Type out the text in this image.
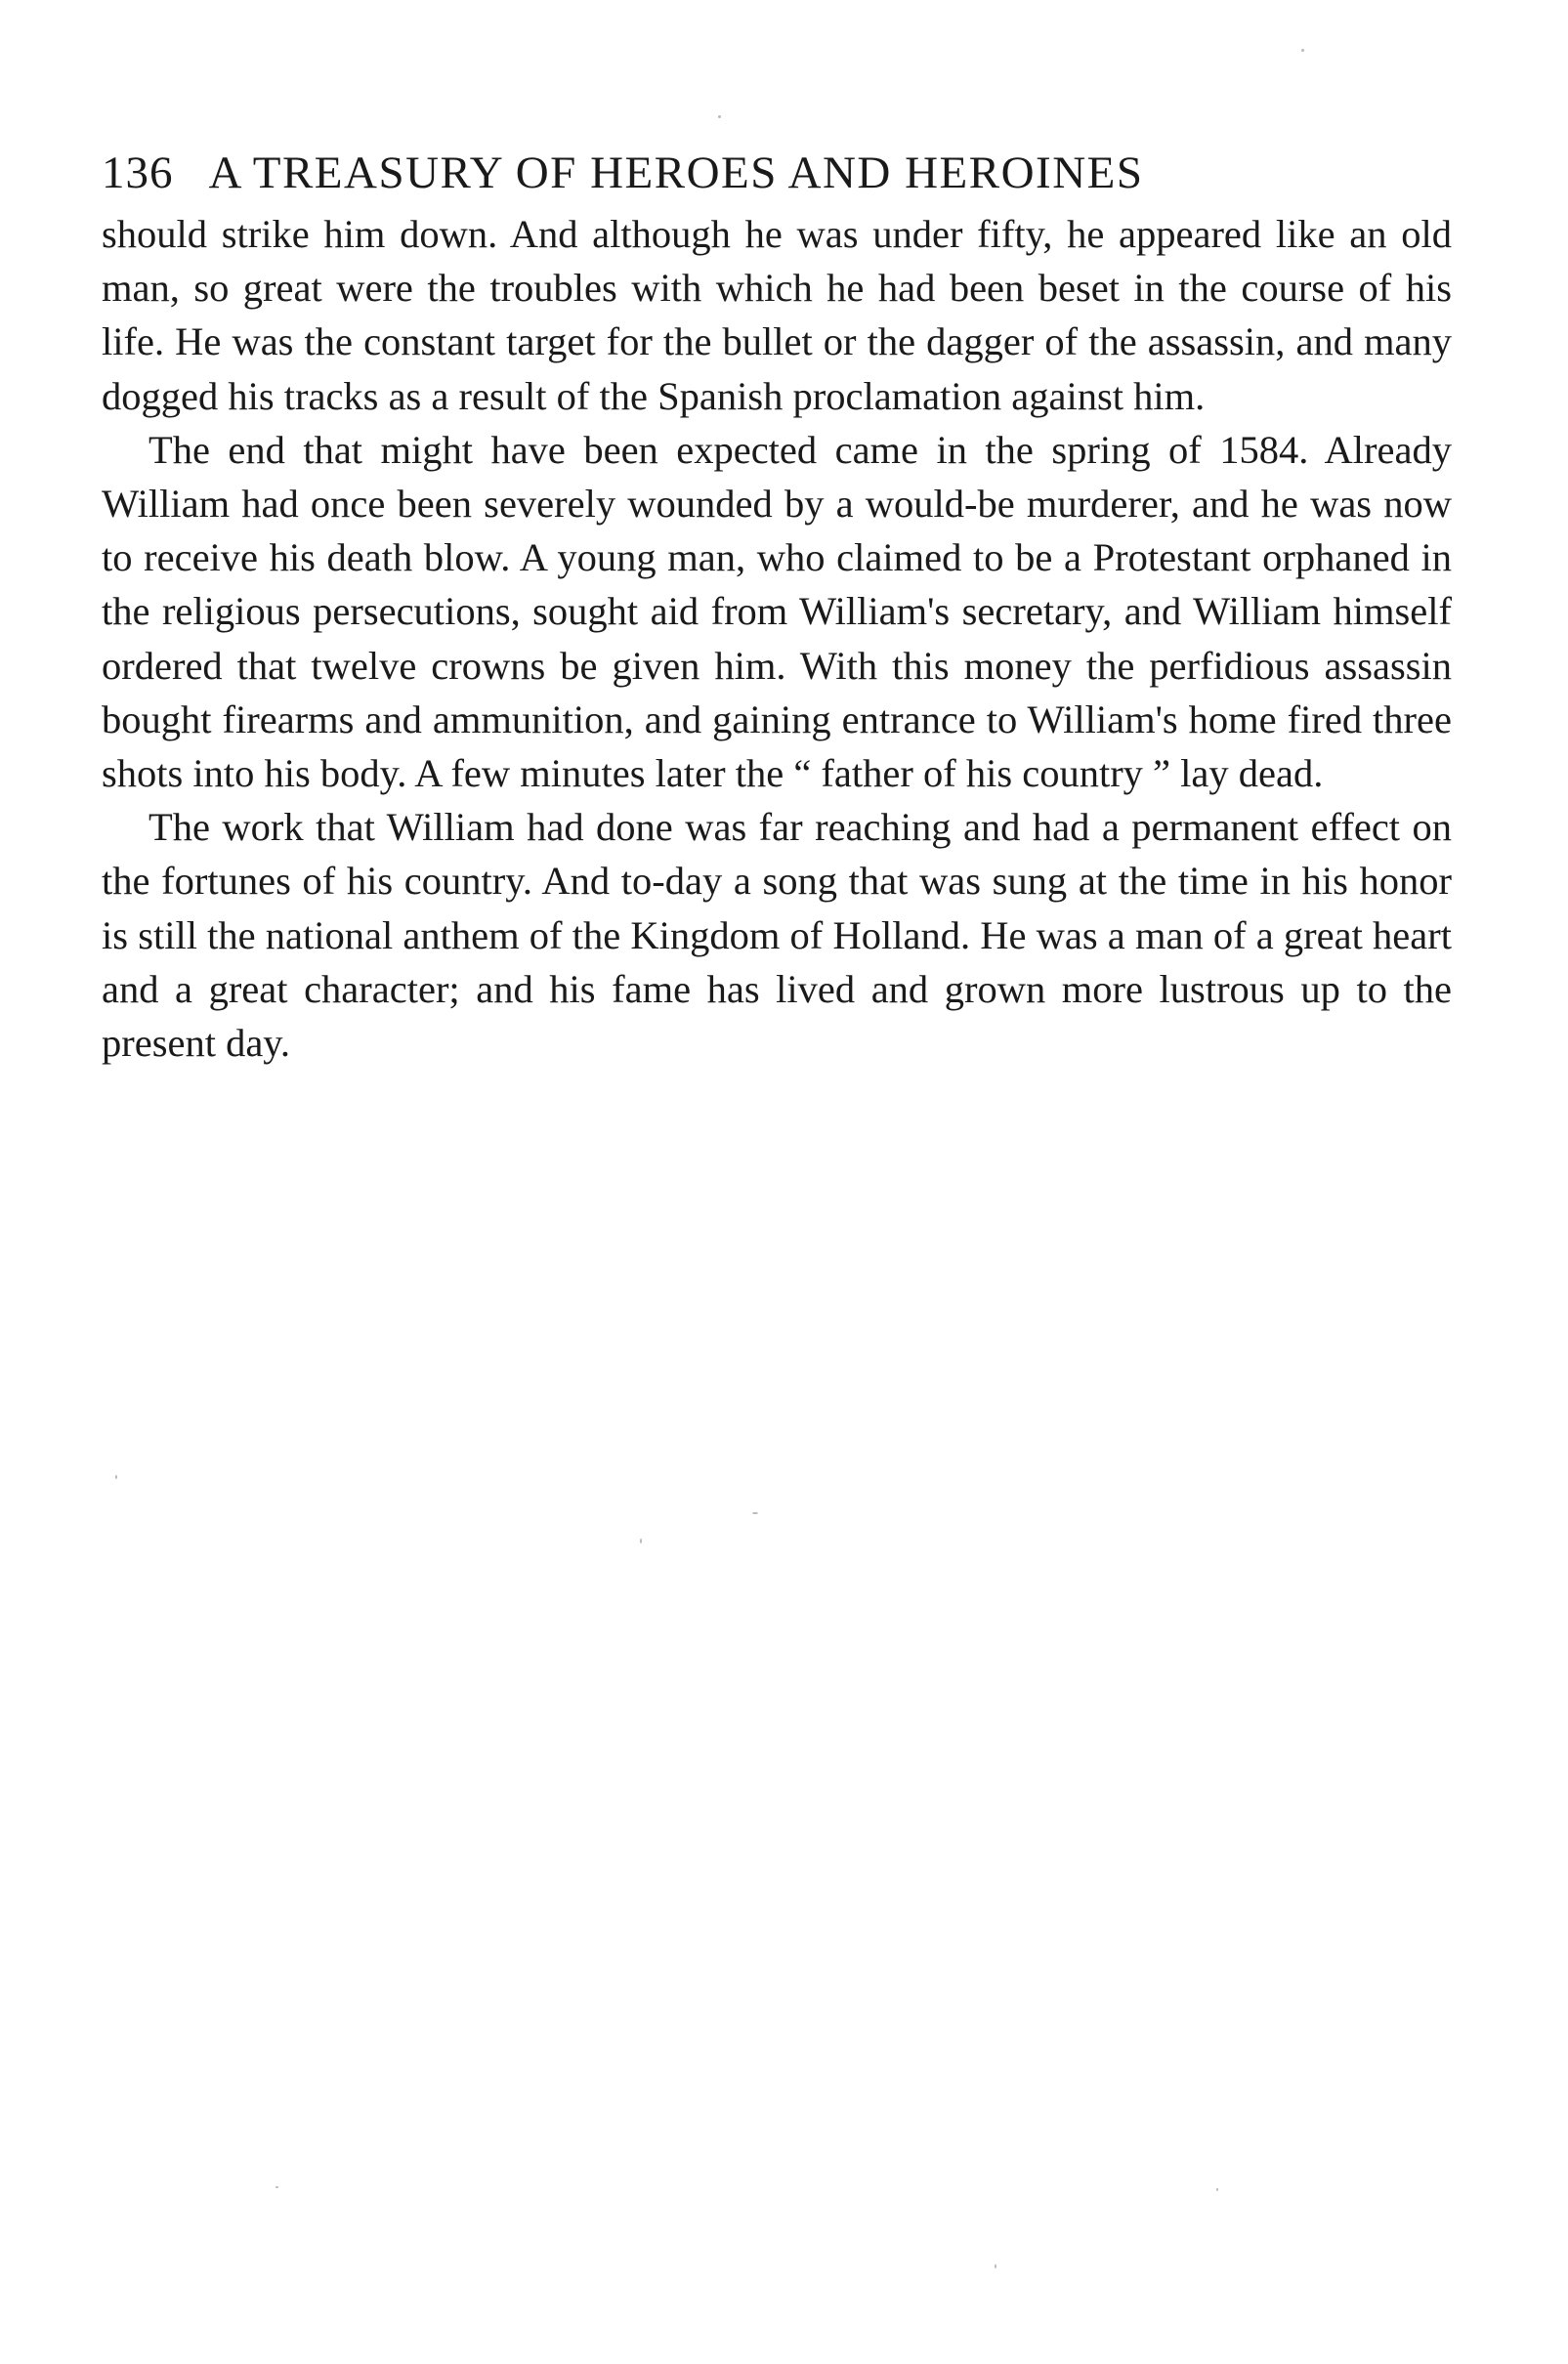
136 A TREASURY OF HEROES AND HEROINES

should strike him down. And although he was under fifty, he appeared like an old man, so great were the troubles with which he had been beset in the course of his life. He was the constant target for the bullet or the dagger of the assassin, and many dogged his tracks as a result of the Spanish proclamation against him.

The end that might have been expected came in the spring of 1584. Already William had once been severely wounded by a would-be murderer, and he was now to receive his death blow. A young man, who claimed to be a Protestant orphaned in the religious persecutions, sought aid from William's secretary, and William himself ordered that twelve crowns be given him. With this money the perfidious assassin bought firearms and ammunition, and gaining entrance to William's home fired three shots into his body. A few minutes later the “ father of his country ” lay dead.

The work that William had done was far reaching and had a permanent effect on the fortunes of his country. And to-day a song that was sung at the time in his honor is still the national anthem of the Kingdom of Holland. He was a man of a great heart and a great character; and his fame has lived and grown more lustrous up to the present day.
